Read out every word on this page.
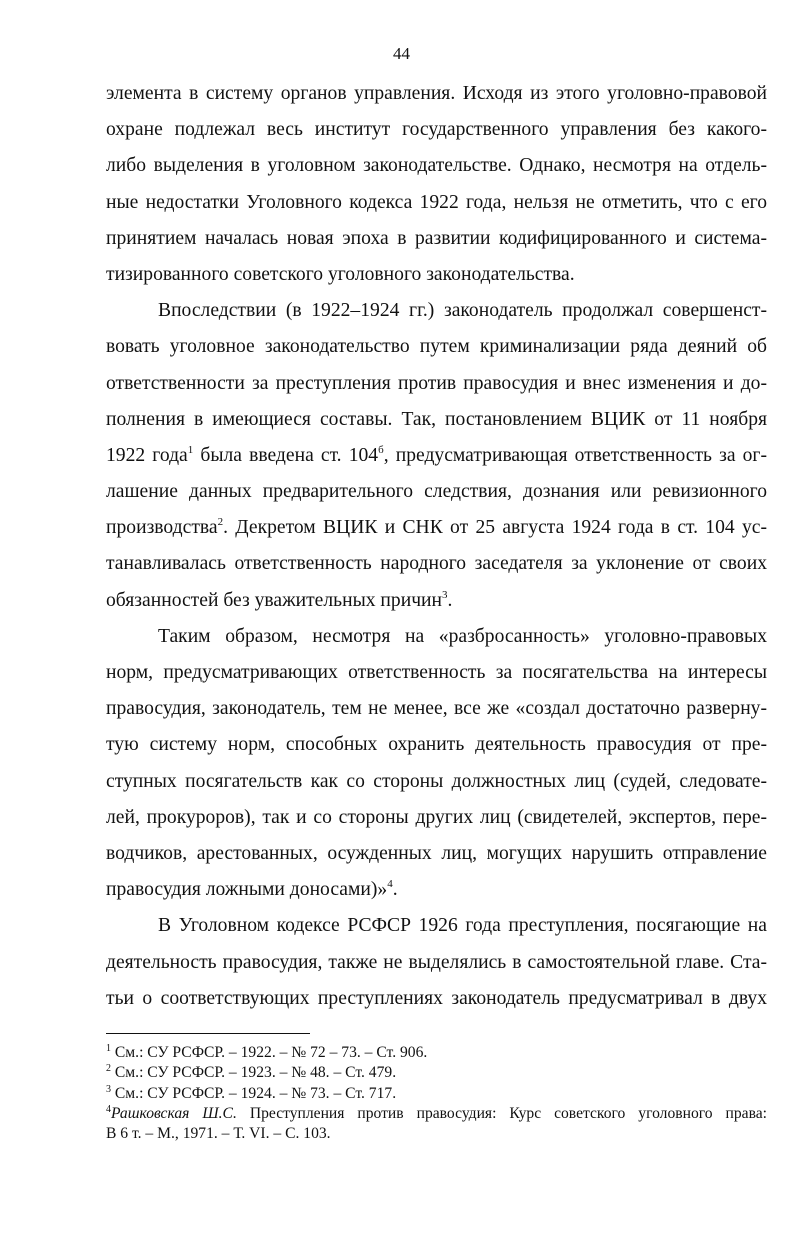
44
элемента в систему органов управления. Исходя из этого уголовно-правовой
охране подлежал весь институт государственного управления без какого-
либо выделения в уголовном законодательстве. Однако, несмотря на отдель-
ные недостатки Уголовного кодекса 1922 года, нельзя не отметить, что с его
принятием началась новая эпоха в развитии кодифицированного и система-
тизированного советского уголовного законодательства.
Впоследствии (в 1922–1924 гг.) законодатель продолжал совершенст-
вовать уголовное законодательство путем криминализации ряда деяний об
ответственности за преступления против правосудия и внес изменения и до-
полнения в имеющиеся составы. Так, постановлением ВЦИК от 11 ноября
1922 года$^1$ была введена ст. $104^б$, предусматривающая ответственность за ог-
лашение данных предварительного следствия, дознания или ревизионного
производства$^2$. Декретом ВЦИК и СНК от 25 августа 1924 года в ст. 104 ус-
танавливалась ответственность народного заседателя за уклонение от своих
обязанностей без уважительных причин$^3$.
Таким образом, несмотря на «разбросанность» уголовно-правовых
норм, предусматривающих ответственность за посягательства на интересы
правосудия, законодатель, тем не менее, все же «создал достаточно разверну-
тую систему норм, способных охранить деятельность правосудия от пре-
ступных посягательств как со стороны должностных лиц (судей, следовате-
лей, прокуроров), так и со стороны других лиц (свидетелей, экспертов, пере-
водчиков, арестованных, осужденных лиц, могущих нарушить отправление
правосудия ложными доносами)»$^4$.
В Уголовном кодексе РСФСР 1926 года преступления, посягающие на
деятельность правосудия, также не выделялись в самостоятельной главе. Ста-
тьи о соответствующих преступлениях законодатель предусматривал в двух
$^1$ См.: СУ РСФСР. – 1922. – № 72 – 73. – Ст. 906.
$^2$ См.: СУ РСФСР. – 1923. – № 48. – Ст. 479.
$^3$ См.: СУ РСФСР. – 1924. – № 73. – Ст. 717.
$^4$Рашковская Ш.С. Преступления против правосудия: Курс советского уголовного права:
В 6 т. – М., 1971. – Т. VI. – С. 103.
